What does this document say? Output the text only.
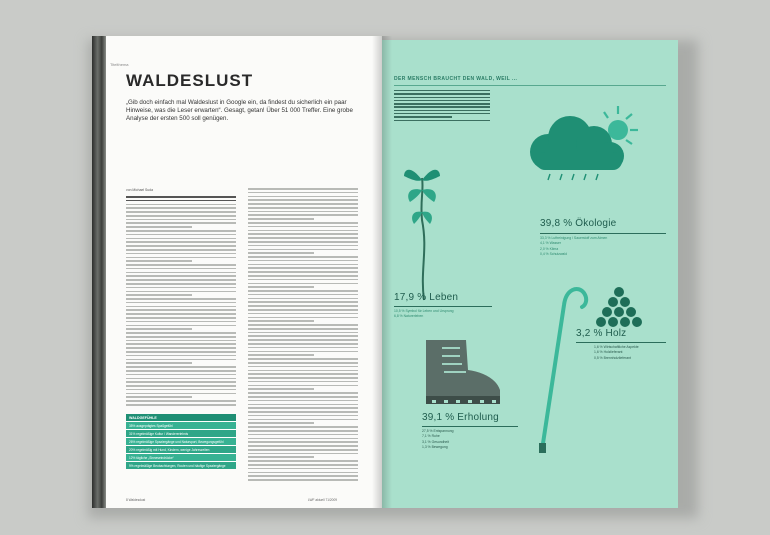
Titelthema
WALDESLUST
„Gib doch einfach mal Waldeslust in Google ein, da findest du sicherlich ein paar Hinweise, was die Leser erwarten“. Gesagt, getan! Über 51 000 Treffer. Eine grobe Analyse der ersten 500 soll genügen.
von Michael Suda
WALDGEFÜHLE
35% ausgeprägtes Spaßgefühl
31% regelmäßige Kultur / Wandererlebnis
26% regelmäßige Spaziergänge und Natursport, Bewegungsgefühl
20% regelmäßig mit Hund, Kindern, wenige Jahreszeiten
12% tägliche „Sinneseindrücke“
9% regelmäßige Beobachtungen, Routen und häufige Spaziergänge
8 Waldesdust	LWF aktuell 71/2009
DER MENSCH BRAUCHT DEN WALD, WEIL ...
39,8 % Ökologie
33,3 % Luftreinigung / Sauerstoff zum Atmen
4,1 % Wasser
2,0 % Klima
0,4 % Schutzwald
17,9 % Leben
10,5 % Symbol für Leben und Ursprung
6,8 % Naturerleben
3,2 % Holz
1,6 % Wirtschaftliche Aspekte
1,6 % Holzlieferant
0,5 % Brennholzlieferant
39,1 % Erholung
27,5 % Entspannung
7,1 % Ruhe
3,1 % Gesundheit
1,3 % Bewegung
